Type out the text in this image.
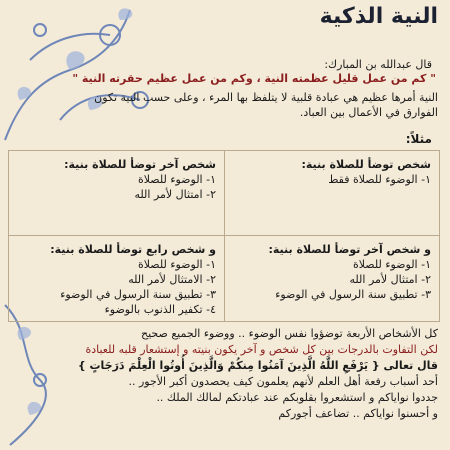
النية الذكية
قال عبدالله بن المبارك:
" كم من عمل قليل عظمته النية ، وكم من عمل عظيم حقرته النية "
النية أمرها عظيم هي عبادة قلبية لا يتلفظ بها المرء ، وعلى حسب النية تكون
الفوارق في الأعمال بين العباد.
مثلاً:
شخص توضأ للصلاة بنية:
١- الوضوء للصلاة فقط
شخص آخر توضأ للصلاة بنية:
١- الوضوء للصلاة
٢- امتثال لأمر الله
و شخص آخر توضأ للصلاة بنية:
١- الوضوء للصلاة
٢- امتثال لأمر الله
٣- تطبيق سنة الرسول في الوضوء
و شخص رابع توضأ للصلاة بنية:
١- الوضوء للصلاة
٢- الامتثال لأمر الله
٣- تطبيق سنة الرسول في الوضوء
٤- تكفير الذنوب بالوضوء
كل الأشخاص الأربعة توضؤوا نفس الوضوء .. ووضوء الجميع صحيح
لكن التفاوت بالدرجات بين كل شخص و آخر يكون بنيته و إستشعار قلبه للعبادة
قال تعالى { يَرْفَعِ اللَّهُ الَّذِينَ آمَنُوا مِنكُمْ وَالَّذِينَ أُوتُوا الْعِلْمَ دَرَجَاتٍ }
أحد أسباب رفعة أهل العلم لأنهم يعلمون كيف يحصدون أكبر الأجور ..
جددوا نواياكم و استشعروا بقلوبكم عند عبادتكم لمالك الملك ..
و أحسنوا نواياكم .. تضاعف أجوركم
